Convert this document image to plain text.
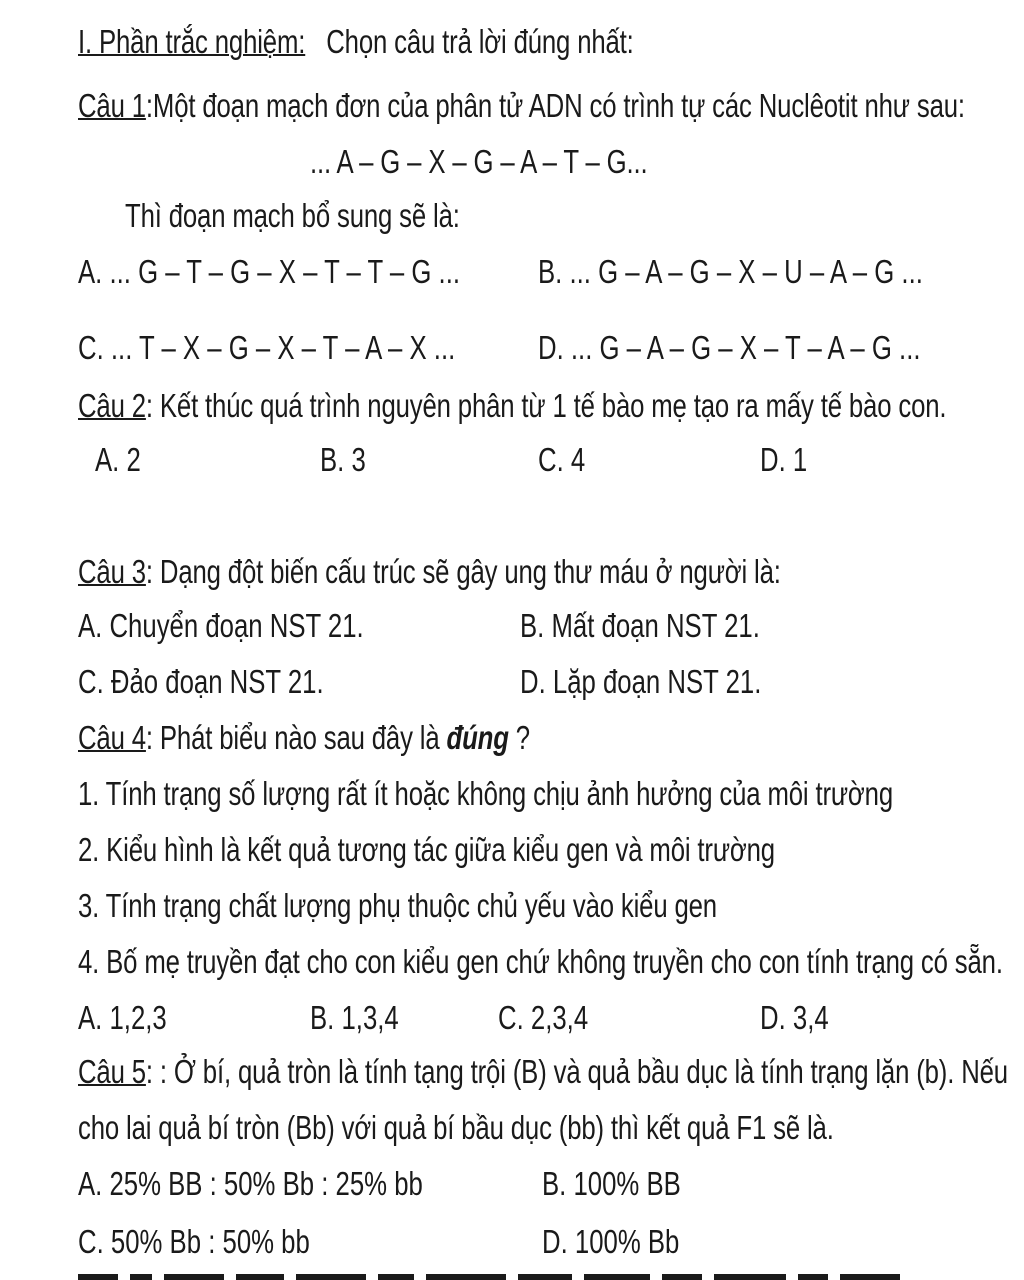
I. Phần trắc nghiệm: Chọn câu trả lời đúng nhất:
Câu 1:Một đoạn mạch đơn của phân tử ADN có trình tự các Nuclêotit như sau:
... A – G – X – G – A – T – G...
Thì đoạn mạch bổ sung sẽ là:
A. ... G – T – G – X – T – T – G ... B. ... G – A – G – X – U – A – G ...
C. ... T – X – G – X – T – A – X ...	D. ... G – A – G – X – T – A – G ...
Câu 2: Kết thúc quá trình nguyên phân từ 1 tế bào mẹ tạo ra mấy tế bào con.
A. 2	B. 3	C. 4	D. 1
Câu 3: Dạng đột biến cấu trúc sẽ gây ung thư máu ở người là:
A. Chuyển đoạn NST 21.	B. Mất đoạn NST 21.
C. Đảo đoạn NST 21.	D. Lặp đoạn NST 21.
Câu 4: Phát biểu nào sau đây là đúng ?
1. Tính trạng số lượng rất ít hoặc không chịu ảnh hưởng của môi trường
2. Kiểu hình là kết quả tương tác giữa kiểu gen và môi trường
3. Tính trạng chất lượng phụ thuộc chủ yếu vào kiểu gen
4. Bố mẹ truyền đạt cho con kiểu gen chứ không truyền cho con tính trạng có sẵn.
A. 1,2,3	B. 1,3,4	C. 2,3,4	D. 3,4
Câu 5: : Ở bí, quả tròn là tính tạng trội (B) và quả bầu dục là tính trạng lặn (b). Nếu
cho lai quả bí tròn (Bb) với quả bí bầu dục (bb) thì kết quả F1 sẽ là.
A. 25% BB : 50% Bb : 25% bb	B. 100% BB
C. 50% Bb : 50% bb	D. 100% Bb
